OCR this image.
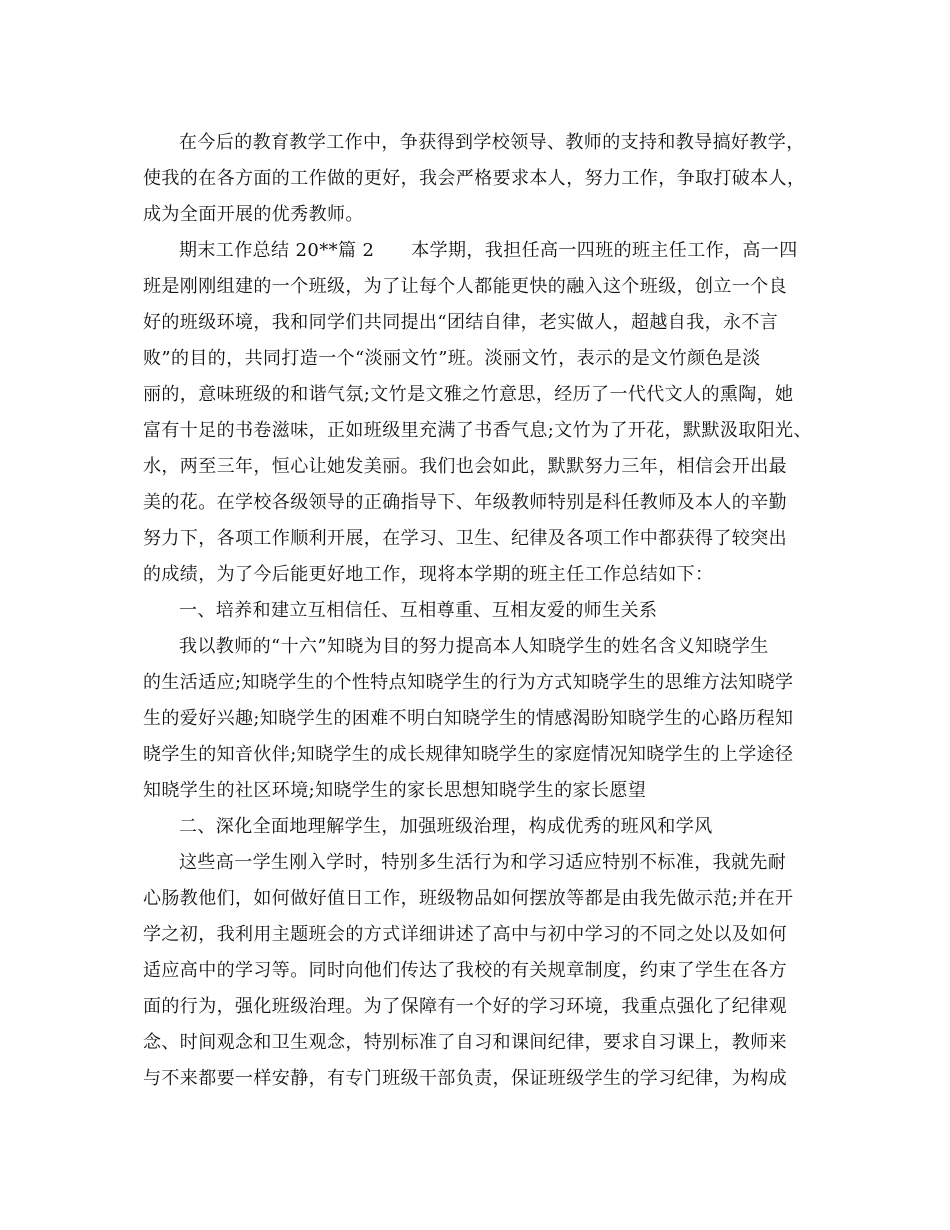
在今后的教育教学工作中，争获得到学校领导、教师的支持和教导搞好教学，
使我的在各方面的工作做的更好，我会严格要求本人，努力工作，争取打破本人，
成为全面开展的优秀教师。
期末工作总结 20**篇 2　　本学期，我担任高一四班的班主任工作，高一四
班是刚刚组建的一个班级，为了让每个人都能更快的融入这个班级，创立一个良
好的班级环境，我和同学们共同提出“团结自律，老实做人，超越自我，永不言
败”的目的，共同打造一个“淡丽文竹”班。淡丽文竹，表示的是文竹颜色是淡
丽的，意味班级的和谐气氛;文竹是文雅之竹意思，经历了一代代文人的熏陶，她
富有十足的书卷滋味，正如班级里充满了书香气息;文竹为了开花，默默汲取阳光、
水，两至三年，恒心让她发美丽。我们也会如此，默默努力三年，相信会开出最
美的花。在学校各级领导的正确指导下、年级教师特别是科任教师及本人的辛勤
努力下，各项工作顺利开展，在学习、卫生、纪律及各项工作中都获得了较突出
的成绩，为了今后能更好地工作，现将本学期的班主任工作总结如下：
一、培养和建立互相信任、互相尊重、互相友爱的师生关系
我以教师的“十六”知晓为目的努力提高本人知晓学生的姓名含义知晓学生
的生活适应;知晓学生的个性特点知晓学生的行为方式知晓学生的思维方法知晓学
生的爱好兴趣;知晓学生的困难不明白知晓学生的情感渴盼知晓学生的心路历程知
晓学生的知音伙伴;知晓学生的成长规律知晓学生的家庭情况知晓学生的上学途径
知晓学生的社区环境;知晓学生的家长思想知晓学生的家长愿望
二、深化全面地理解学生，加强班级治理，构成优秀的班风和学风
这些高一学生刚入学时，特别多生活行为和学习适应特别不标准，我就先耐
心肠教他们，如何做好值日工作，班级物品如何摆放等都是由我先做示范;并在开
学之初，我利用主题班会的方式详细讲述了高中与初中学习的不同之处以及如何
适应高中的学习等。同时向他们传达了我校的有关规章制度，约束了学生在各方
面的行为，强化班级治理。为了保障有一个好的学习环境，我重点强化了纪律观
念、时间观念和卫生观念，特别标准了自习和课间纪律，要求自习课上，教师来
与不来都要一样安静，有专门班级干部负责，保证班级学生的学习纪律，为构成
